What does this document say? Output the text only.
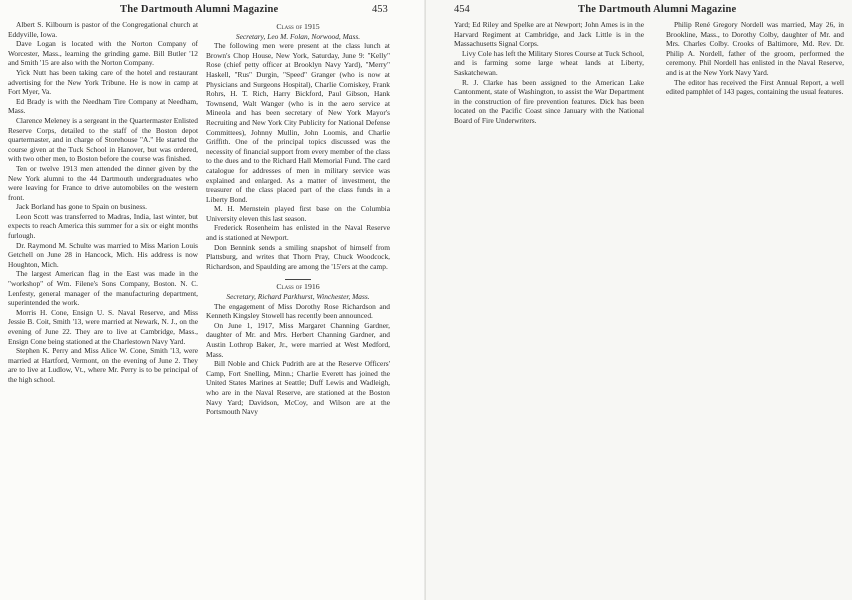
The Dartmouth Alumni Magazine	453

Albert S. Kilbourn is pastor of the Congregational church at Eddyville, Iowa.

Dave Logan is located with the Norton Company of Worcester, Mass., learning the grinding game. Bill Butler '12 and Smith '15 are also with the Norton Company.

Yick Nutt has been taking care of the hotel and restaurant advertising for the New York Tribune. He is now in camp at Fort Myer, Va.

Ed Brady is with the Needham Tire Company at Needham, Mass.

Clarence Meleney is a sergeant in the Quartermaster Enlisted Reserve Corps, detailed to the staff of the Boston depot quartermaster, and in charge of Storehouse "A." He started the course given at the Tuck School in Hanover, but was ordered, with two other men, to Boston before the course was finished.

Ten or twelve 1913 men attended the dinner given by the New York alumni to the 44 Dartmouth undergraduates who were leaving for France to drive automobiles on the western front.

Jack Borland has gone to Spain on business.

Leon Scott was transferred to Madras, India, last winter, but expects to reach America this summer for a six or eight months furlough.

Dr. Raymond M. Schulte was married to Miss Marion Louis Getchell on June 28 in Hancock, Mich. His address is now Houghton, Mich.

The largest American flag in the East was made in the "workshop" of Wm. Filene's Sons Company, Boston. N. C. Lenfesty, general manager of the manufacturing department, superintended the work.

Morris H. Cone, Ensign U. S. Naval Reserve, and Miss Jessie B. Coit, Smith '13, were married at Newark, N. J., on the evening of June 22. They are to live at Cambridge, Mass., Ensign Cone being stationed at the Charlestown Navy Yard.

Stephen K. Perry and Miss Alice W. Cone, Smith '13, were married at Hartford, Vermont, on the evening of June 2. They are to live at Ludlow, Vt., where Mr. Perry is to be principal of the high school.

Class of 1915
Secretary, Leo M. Folan, Norwood, Mass.

The following men were present at the class lunch at Brown's Chop House, New York, Saturday, June 9: "Kelly" Rose (chief petty officer at Brooklyn Navy Yard), "Merry" Haskell, "Rus" Durgin, "Speed" Granger (who is now at Physicians and Surgeons Hospital), Charlie Comiskey, Frank Rohrs, H. T. Rich, Harry Bickford, Paul Gibson, Hank Townsend, Walt Wanger (who is in the aero service at Mineola and has been secretary of New York Mayor's Recruiting and New York City Publicity for National Defense Committees), Johnny Mullin, John Loomis, and Charlie Griffith. One of the principal topics discussed was the necessity of financial support from every member of the class to the dues and to the Richard Hall Memorial Fund. The card catalogue for addresses of men in military service was explained and enlarged. As a matter of investment, the treasurer of the class placed part of the class funds in a Liberty Bond.

M. H. Mernstein played first base on the Columbia University eleven this last season.

Frederick Rosenheim has enlisted in the Naval Reserve and is stationed at Newport.

Don Bennink sends a smiling snapshot of himself from Plattsburg, and writes that Thorn Pray, Chuck Woodcock, Richardson, and Spaulding are among the '15'ers at the camp.

Class of 1916
Secretary, Richard Parkhurst, Winchester, Mass.

The engagement of Miss Dorothy Rose Richardson and Kenneth Kingsley Stowell has recently been announced.

On June 1, 1917, Miss Margaret Channing Gardner, daughter of Mr. and Mrs. Herbert Channing Gardner, and Austin Lothrop Baker, Jr., were married at West Medford, Mass.

Bill Noble and Chick Pudrith are at the Reserve Officers' Camp, Fort Snelling, Minn.; Charlie Everett has joined the United States Marines at Seattle; Duff Lewis and Wadleigh, who are in the Naval Reserve, are stationed at the Boston Navy Yard; Davidson, McCoy, and Wilson are at the Portsmouth Navy

454	The Dartmouth Alumni Magazine

Yard; Ed Riley and Spelke are at Newport; John Ames is in the Harvard Regiment at Cambridge, and Jack Little is in the Massachusetts Signal Corps.

Livy Cole has left the Military Stores Course at Tuck School, and is farming some large wheat lands at Liberty, Saskatchewan.

R. J. Clarke has been assigned to the American Lake Cantonment, state of Washington, to assist the War Department in the construction of fire prevention features. Dick has been located on the Pacific Coast since January with the National Board of Fire Underwriters.

Philip René Gregory Nordell was married, May 26, in Brookline, Mass., to Dorothy Colby, daughter of Mr. and Mrs. Charles Colby. Crooks of Baltimore, Md. Rev. Dr. Philip A. Nordell, father of the groom, performed the ceremony. Phil Nordell has enlisted in the Naval Reserve, and is at the New York Navy Yard.

The editor has received the First Annual Report, a well edited pamphlet of 143 pages, containing the usual features.
